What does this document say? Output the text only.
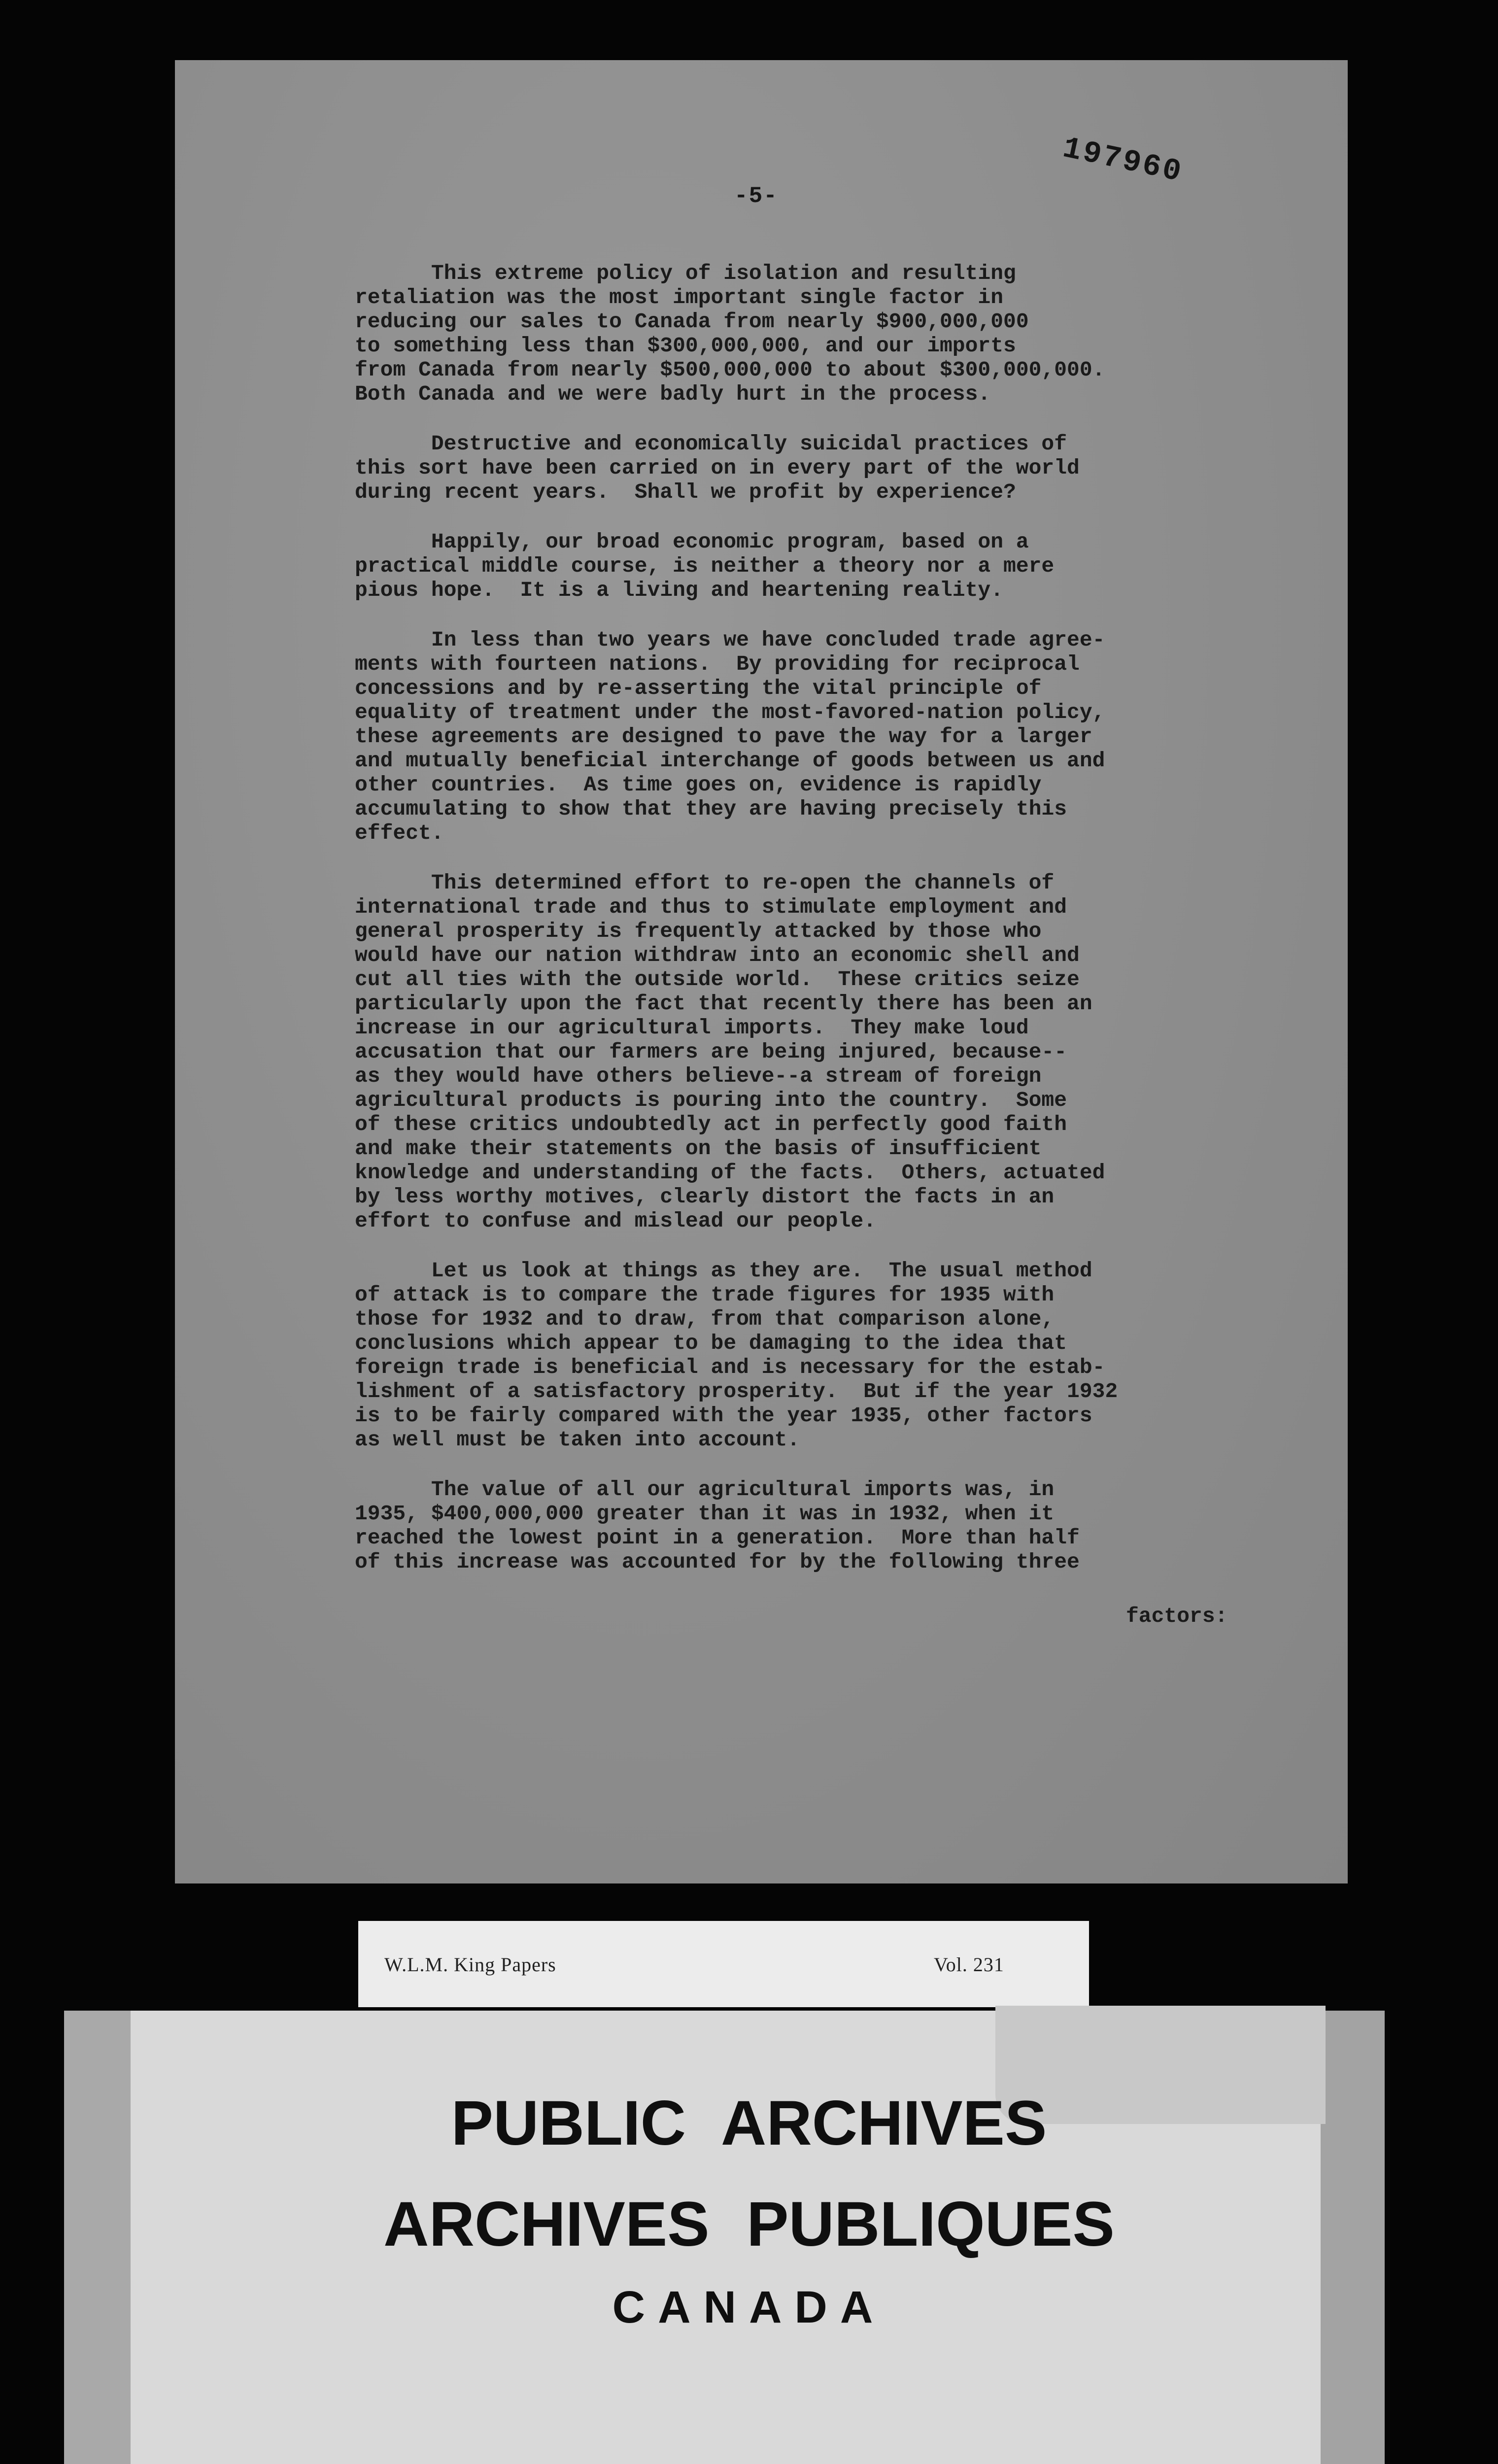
197960
-5-

This extreme policy of isolation and resulting
retaliation was the most important single factor in
reducing our sales to Canada from nearly $900,000,000
to something less than $300,000,000, and our imports
from Canada from nearly $500,000,000 to about $300,000,000.
Both Canada and we were badly hurt in the process.

Destructive and economically suicidal practices of
this sort have been carried on in every part of the world
during recent years.  Shall we profit by experience?

Happily, our broad economic program, based on a
practical middle course, is neither a theory nor a mere
pious hope.  It is a living and heartening reality.

In less than two years we have concluded trade agree-
ments with fourteen nations.  By providing for reciprocal
concessions and by re-asserting the vital principle of
equality of treatment under the most-favored-nation policy,
these agreements are designed to pave the way for a larger
and mutually beneficial interchange of goods between us and
other countries.  As time goes on, evidence is rapidly
accumulating to show that they are having precisely this
effect.

This determined effort to re-open the channels of
international trade and thus to stimulate employment and
general prosperity is frequently attacked by those who
would have our nation withdraw into an economic shell and
cut all ties with the outside world.  These critics seize
particularly upon the fact that recently there has been an
increase in our agricultural imports.  They make loud
accusation that our farmers are being injured, because--
as they would have others believe--a stream of foreign
agricultural products is pouring into the country.  Some
of these critics undoubtedly act in perfectly good faith
and make their statements on the basis of insufficient
knowledge and understanding of the facts.  Others, actuated
by less worthy motives, clearly distort the facts in an
effort to confuse and mislead our people.

Let us look at things as they are.  The usual method
of attack is to compare the trade figures for 1935 with
those for 1932 and to draw, from that comparison alone,
conclusions which appear to be damaging to the idea that
foreign trade is beneficial and is necessary for the estab-
lishment of a satisfactory prosperity.  But if the year 1932
is to be fairly compared with the year 1935, other factors
as well must be taken into account.

The value of all our agricultural imports was, in
1935, $400,000,000 greater than it was in 1932, when it
reached the lowest point in a generation.  More than half
of this increase was accounted for by the following three

factors:
W.L.M. King Papers	Vol. 231
PUBLIC ARCHIVES
ARCHIVES PUBLIQUES
CANADA
